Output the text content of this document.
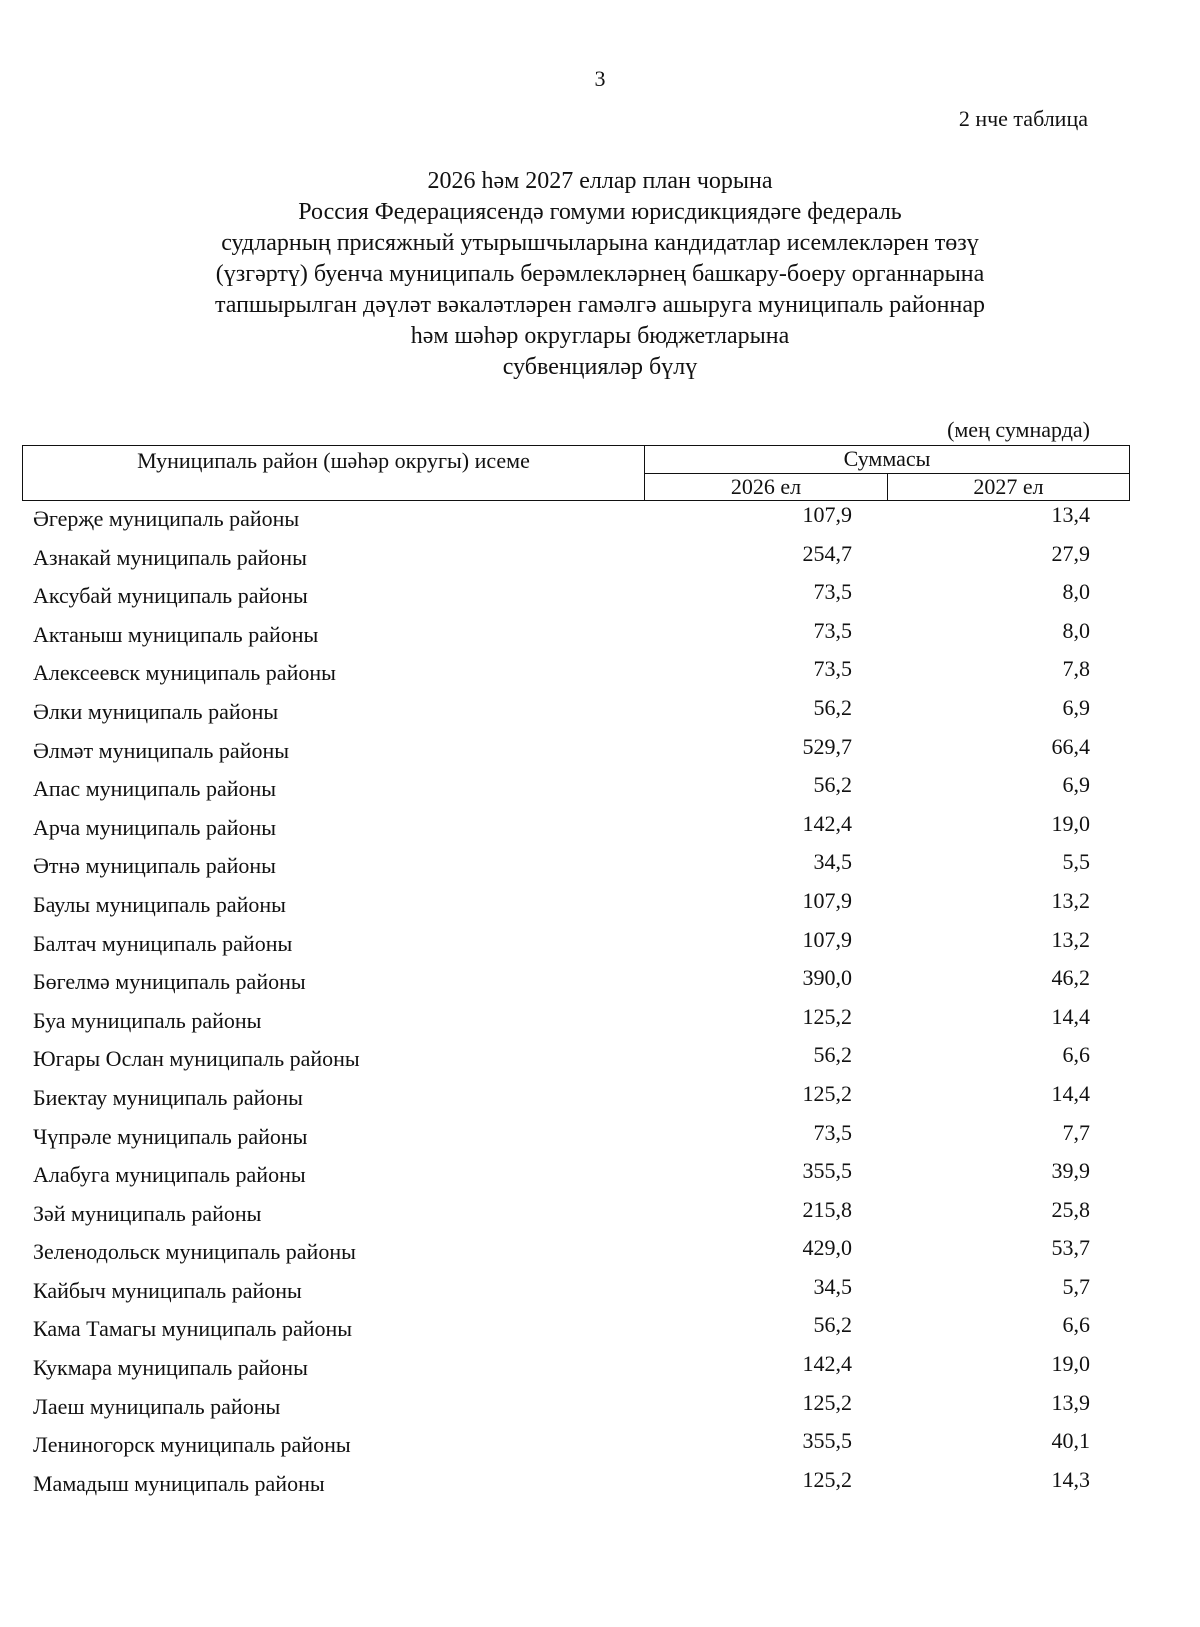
3
2 нче таблица
2026 һәм 2027 еллар план чорына
Россия Федерациясендә гомуми юрисдикциядәге федераль
судларның присяжный утырышчыларына кандидатлар исемлекләрен төзү
(үзгәртү) буенча муниципаль берәмлекләрнең башкару-боеру органнарына
тапшырылган дәүләт вәкаләтләрен гамәлгә ашыруга муниципаль районнар
һәм шәһәр округлары бюджетларына
субвенцияләр бүлү
(мең сумнарда)
Муниципаль район (шәһәр округы) исеме	Суммасы
2026 ел	2027 ел
Әгерҗе муниципаль районы	107,9	13,4
Азнакай муниципаль районы	254,7	27,9
Аксубай муниципаль районы	73,5	8,0
Актаныш муниципаль районы	73,5	8,0
Алексеевск муниципаль районы	73,5	7,8
Әлки муниципаль районы	56,2	6,9
Әлмәт муниципаль районы	529,7	66,4
Апас муниципаль районы	56,2	6,9
Арча муниципаль районы	142,4	19,0
Әтнә муниципаль районы	34,5	5,5
Баулы муниципаль районы	107,9	13,2
Балтач муниципаль районы	107,9	13,2
Бөгелмә муниципаль районы	390,0	46,2
Буа муниципаль районы	125,2	14,4
Югары Ослан муниципаль районы	56,2	6,6
Биектау муниципаль районы	125,2	14,4
Чүпрәле муниципаль районы	73,5	7,7
Алабуга муниципаль районы	355,5	39,9
Зәй муниципаль районы	215,8	25,8
Зеленодольск муниципаль районы	429,0	53,7
Кайбыч муниципаль районы	34,5	5,7
Кама Тамагы муниципаль районы	56,2	6,6
Кукмара муниципаль районы	142,4	19,0
Лаеш муниципаль районы	125,2	13,9
Лениногорск муниципаль районы	355,5	40,1
Мамадыш муниципаль районы	125,2	14,3
